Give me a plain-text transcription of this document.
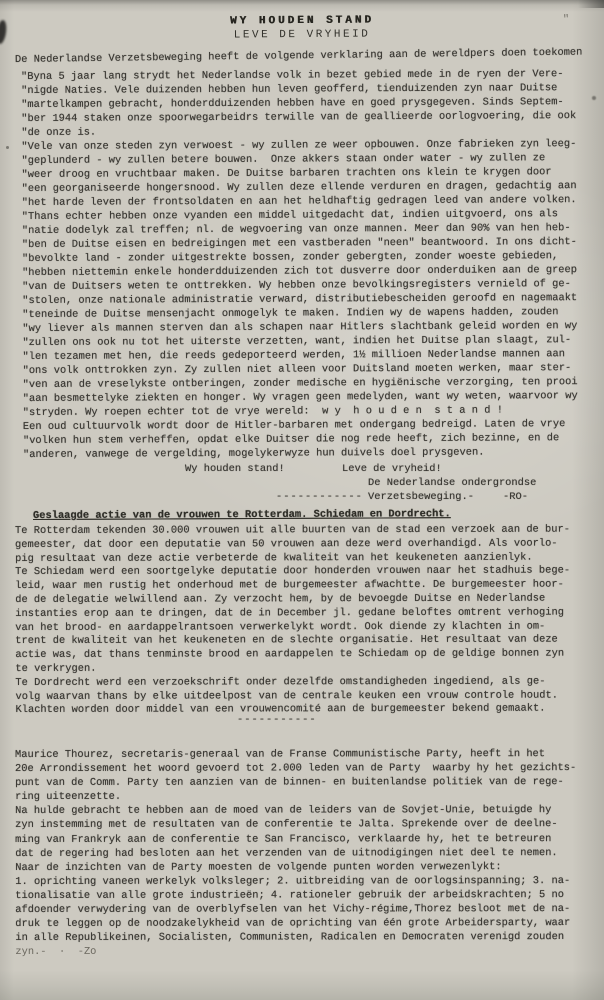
″
WY HOUDEN STAND
LEVE DE VRYHEID
De Nederlandse Verzetsbeweging heeft de volgende verklaring aan de wereldpers doen toekomen
"Byna 5 jaar lang strydt het Nederlandse volk in bezet gebied mede in de ryen der Vere-
"nigde Naties. Vele duizenden hebben hun leven geofferd, tienduizenden zyn naar Duitse
"martelkampen gebracht, honderdduizenden hebben have en goed prysgegeven. Sinds Septem-
"ber 1944 staken onze spoorwegarbeidrs terwille van de geallieerde oorlogvoering, die ook
"de onze is.
"Vele van onze steden zyn verwoest - wy zullen ze weer opbouwen. Onze fabrieken zyn leeg-
"geplunderd - wy zullen betere bouwen.  Onze akkers staan onder water - wy zullen ze
"weer droog en vruchtbaar maken. De Duitse barbaren trachten ons klein te krygen door
"een georganiseerde hongersnood. Wy zullen deze ellende verduren en dragen, gedachtig aan
"het harde leven der frontsoldaten en aan het heldhaftig gedragen leed van andere volken.
"Thans echter hebben onze vyanden een middel uitgedacht dat, indien uitgvoerd, ons als
"natie dodelyk zal treffen; nl. de wegvoering van onze mannen. Meer dan 90% van hen heb-
"ben de Duitse eisen en bedreigingen met een vastberaden "neen" beantwoord. In ons dicht-
"bevolkte land - zonder uitgestrekte bossen, zonder gebergten, zonder woeste gebieden,
"hebben niettemin enkele honderdduizenden zich tot dusverre door onderduiken aan de greep
"van de Duitsers weten te onttrekken. Wy hebben onze bevolkingsregisters vernield of ge-
"stolen, onze nationale administratie verward, distributiebescheiden geroofd en nagemaakt
"teneinde de Duitse mensenjacht onmogelyk te maken. Indien wy de wapens hadden, zouden
"wy liever als mannen sterven dan als schapen naar Hitlers slachtbank geleid worden en wy
"zullen ons ook nu tot het uiterste verzetten, want, indien het Duitse plan slaagt, zul-
"len tezamen met hen, die reeds gedeporteerd werden, 1½ millioen Nederlandse mannen aan
"ons volk onttrokken zyn. Zy zullen niet alleen voor Duitsland moeten werken, maar ster-
"ven aan de vreselykste ontberingen, zonder medische en hygiënische verzorging, ten prooi
"aan besmettelyke ziekten en honger. Wy vragen geen medelyden, want wy weten, waarvoor wy
"stryden. Wy roepen echter tot de vrye wereld:  w y  h o u d e n  s t a n d !
Een oud cultuurvolk wordt door de Hitler-barbaren met ondergang bedreigd. Laten de vrye
"volken hun stem verheffen, opdat elke Duitser die nog rede heeft, zich bezinne, en de
"anderen, vanwege de vergelding, mogelykerwyze hun duivels doel prysgeven.

Wy houden stand!

	Leve de vryheid!

De Nederlandse ondergrondse

------------

Verzetsbeweging.-

	-RO-

Geslaagde actie van de vrouwen te Rotterdam. Schiedam en Dordrecht.
Te Rotterdam tekenden 30.000 vrouwen uit alle buurten van de stad een verzoek aan de bur-
gemeester, dat door een deputatie van 50 vrouwen aan deze werd overhandigd. Als voorlo-
pig resultaat van deze actie verbeterde de kwaliteit van het keukeneten aanzienlyk.
Te Schiedam werd een soortgelyke deputatie door honderden vrouwen naar het stadhuis bege-
leid, waar men rustig het onderhoud met de burgemeester afwachtte. De burgemeester hoor-
de de delegatie welwillend aan. Zy verzocht hem, by de bevoegde Duitse en Nederlandse
instanties erop aan te dringen, dat de in December jl. gedane beloftes omtrent verhoging
van het brood- en aardappelrantsoen verwerkelykt wordt. Ook diende zy klachten in om-
trent de kwaliteit van het keukeneten en de slechte organisatie. Het resultaat van deze
actie was, dat thans tenminste brood en aardappelen te Schiedam op de geldige bonnen zyn
te verkrygen.
Te Dordrecht werd een verzoekschrift onder dezelfde omstandigheden ingediend, als ge-
volg waarvan thans by elke uitdeelpost van de centrale keuken een vrouw controle houdt.
Klachten worden door middel van een vrouwencomité aan de burgemeester bekend gemaakt.
-----------
Maurice Thourez, secretaris-generaal van de Franse Communistische Party, heeft in het
20e Arrondissement het woord gevoerd tot 2.000 leden van de Party  waarby hy het gezichts-
punt van de Comm. Party ten aanzien van de binnen- en buitenlandse politiek van de rege-
ring uiteenzette.
Na hulde gebracht te hebben aan de moed van de leiders van de Sovjet-Unie, betuigde hy
zyn instemming met de resultaten van de conferentie te Jalta. Sprekende over de deelne-
ming van Frankryk aan de conferentie te San Francisco, verklaarde hy, het te betreuren
dat de regering had besloten aan het verzenden van de uitnodigingen niet deel te nemen.
Naar de inzichten van de Party moesten de volgende punten worden verwezenlykt:
1. oprichting vaneen werkelyk volksleger; 2. uitbreiding van de oorlogsinspanning; 3. na-
tionalisatie van alle grote industrieën; 4. rationeler gebruik der arbeidskrachten; 5 no
afdoender verwydering van de overblyfselen van het Vichy-régime,Thorez besloot met de na-
druk te leggen op de noodzakelykheid van de oprichting van één grote Arbeidersparty, waar
in alle Republikeinen, Socialisten, Communisten, Radicalen en Democraten verenigd zouden
zyn.-  ·  -Zo
